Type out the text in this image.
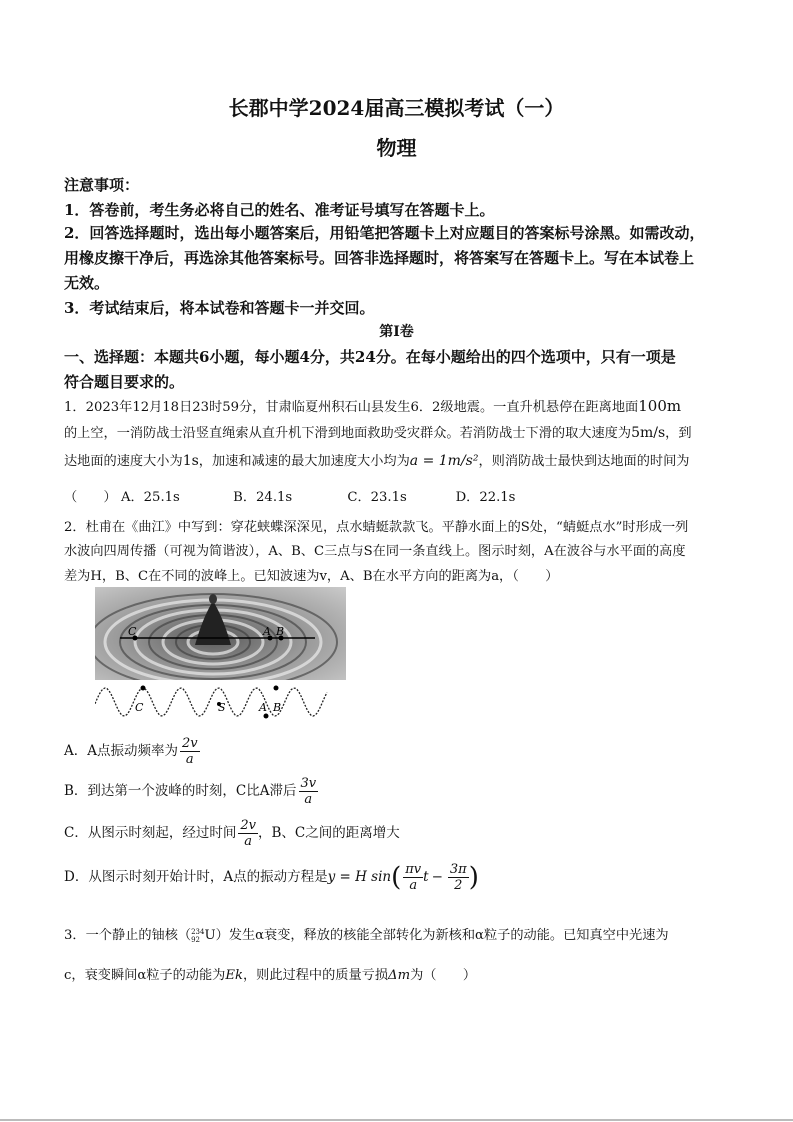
长郡中学2024届高三模拟考试（一）
物理
注意事项：
1．答卷前，考生务必将自己的姓名、准考证号填写在答题卡上。
2．回答选择题时，选出每小题答案后，用铅笔把答题卡上对应题目的答案标号涂黑。如需改动，
用橡皮擦干净后，再选涂其他答案标号。回答非选择题时，将答案写在答题卡上。写在本试卷上
无效。
3．考试结束后，将本试卷和答题卡一并交回。
第Ⅰ卷
一、选择题：本题共6小题，每小题4分，共24分。在每小题给出的四个选项中，只有一项是
符合题目要求的。
1．2023年12月18日23时59分，甘肃临夏州积石山县发生6．2级地震。一直升机悬停在距离地面100m
的上空，一消防战士沿竖直绳索从直升机下滑到地面救助受灾群众。若消防战士下滑的取大速度为5m/s，到
达地面的速度大小为1s，加速和减速的最大加速度大小均为a = 1m/s²，则消防战士最快到达地面的时间为
（　　） A．25.1s	B．24.1s	C．23.1s	D．22.1s
2．杜甫在《曲江》中写到：穿花蛱蝶深深见，点水蜻蜓款款飞。平静水面上的S处，“蜻蜓点水”时形成一列
水波向四周传播（可视为简谐波），A、B、C三点与S在同一条直线上。图示时刻，A在波谷与水平面的高度
差为H，B、C在不同的波峰上。已知波速为v，A、B在水平方向的距离为a，（　　）
C	A B
C	S	A B
A．A点振动频率为 $\frac{2v}{a}$
B．到达第一个波峰的时刻，C比A滞后 $\frac{3v}{a}$
C．从图示时刻起，经过时间 $\frac{2v}{a}$ ，B、C之间的距离增大
D．从图示时刻开始计时，A点的振动方程是y = H $\sin( \frac{\pi v}{a}$ $t - \frac{3\pi}{2}$ )
3．一个静止的铀核（ 234
92 U）发生α衰变，释放的核能全部转化为新核和α粒子的动能。已知真空中光速为
c，衰变瞬间α粒子的动能为Ek，则此过程中的质量亏损Δm为（　　）
